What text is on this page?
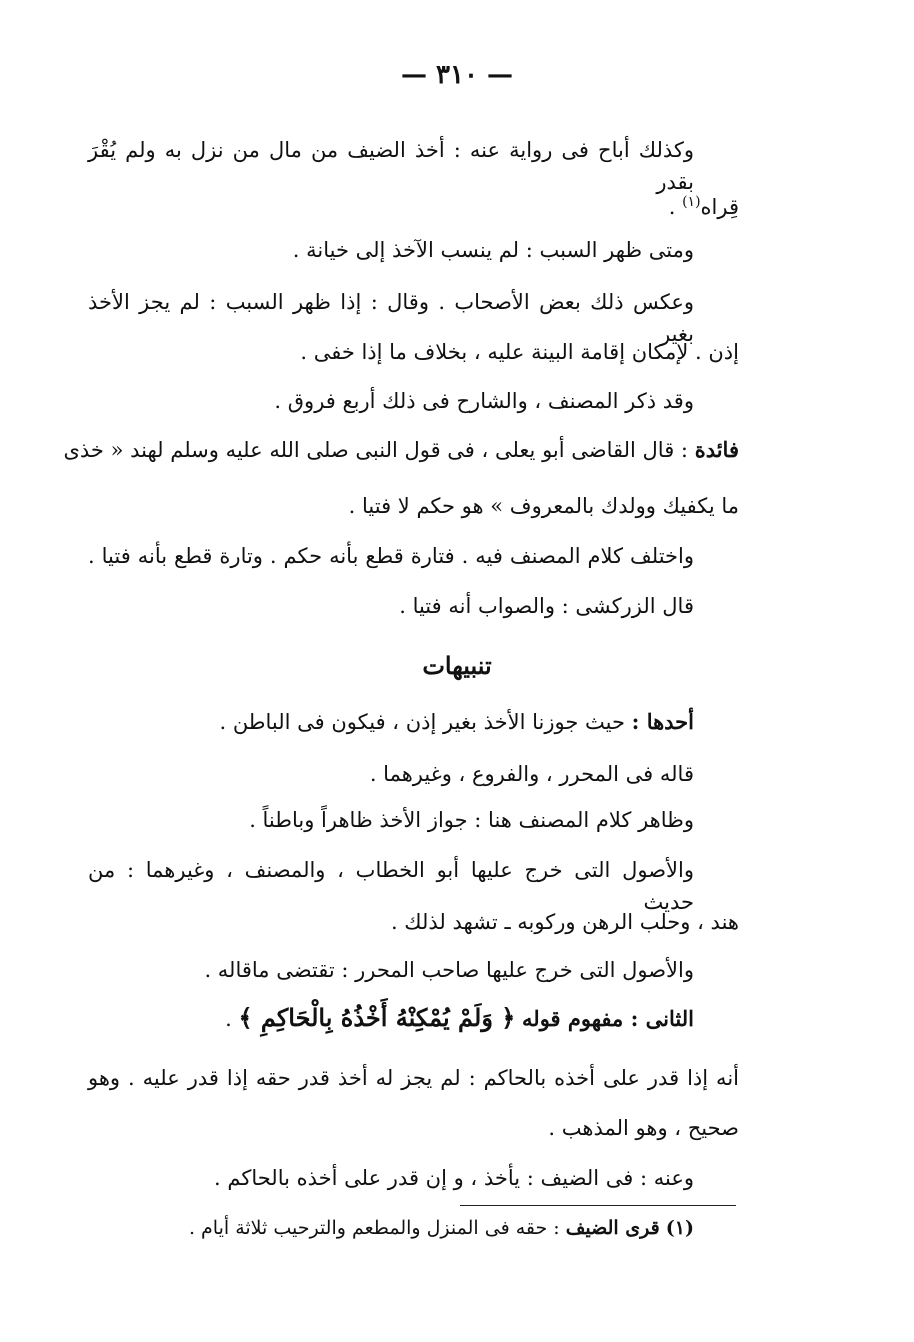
— ٣١٠ —
وكذلك أباح فى رواية عنه : أخذ الضيف من مال من نزل به ولم يُقْرَ بقدر
قِراه$^{(١)}$ .
ومتى ظهر السبب : لم ينسب الآخذ إلى خيانة .
وعكس ذلك بعض الأصحاب . وقال : إذا ظهر السبب : لم يجز الأخذ بغير
إذن . لإمكان إقامة البينة عليه ، بخلاف ما إذا خفى .
وقد ذكر المصنف ، والشارح فى ذلك أربع فروق .
فائدة : قال القاضى أبو يعلى ، فى قول النبى صلى الله عليه وسلم لهند « خذى
ما يكفيك وولدك بالمعروف » هو حكم لا فتيا .
واختلف كلام المصنف فيه . فتارة قطع بأنه حكم . وتارة قطع بأنه فتيا .
قال الزركشى : والصواب أنه فتيا .
تنبيهات
أحدها : حيث جوزنا الأخذ بغير إذن ، فيكون فى الباطن .
قاله فى المحرر ، والفروع ، وغيرهما .
وظاهر كلام المصنف هنا : جواز الأخذ ظاهراً وباطناً .
والأصول التى خرج عليها أبو الخطاب ، والمصنف ، وغيرهما : من حديث
هند ، وحلب الرهن وركوبه ـ تشهد لذلك .
والأصول التى خرج عليها صاحب المحرر : تقتضى ماقاله .
الثانى : مفهوم قوله ﴿ وَلَمْ يُمْكِنْهُ أَخْذُهُ بِالْحَاكِمِ ﴾ .
أنه إذا قدر على أخذه بالحاكم : لم يجز له أخذ قدر حقه إذا قدر عليه . وهو
صحيح ، وهو المذهب .
وعنه : فى الضيف : يأخذ ، و إن قدر على أخذه بالحاكم .
(١) قرى الضيف : حقه فى المنزل والمطعم والترحيب ثلاثة أيام .
